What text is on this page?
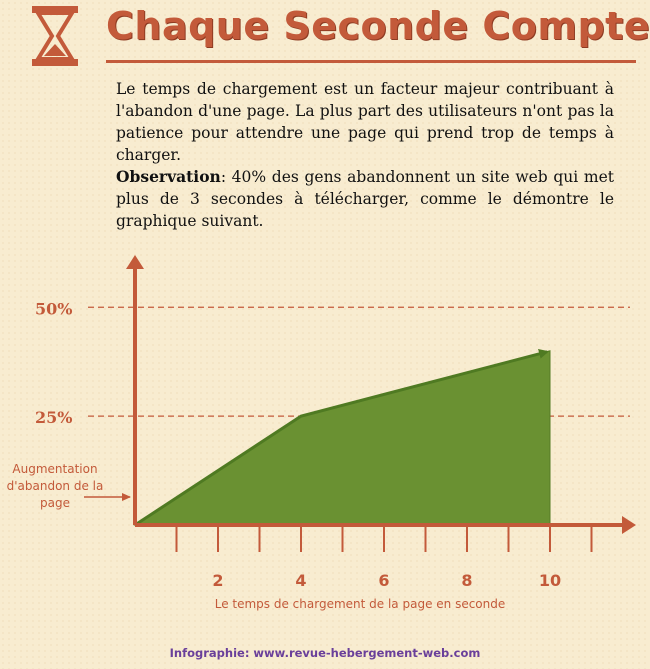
Chaque Seconde Compte

Le temps de chargement est un facteur majeur contribuant à l'abandon d'une page. La plus part des utilisateurs n'ont pas la patience pour attendre une page qui prend trop de temps à charger.

Observation: 40% des gens abandonnent un site web qui met plus de 3 secondes à télécharger, comme le démontre le graphique suivant.

50%
25%
2	4	6	8	10
Augmentation d'abandon de la page
Le temps de chargement de la page en seconde
Infographie: www.revue-hebergement-web.com
